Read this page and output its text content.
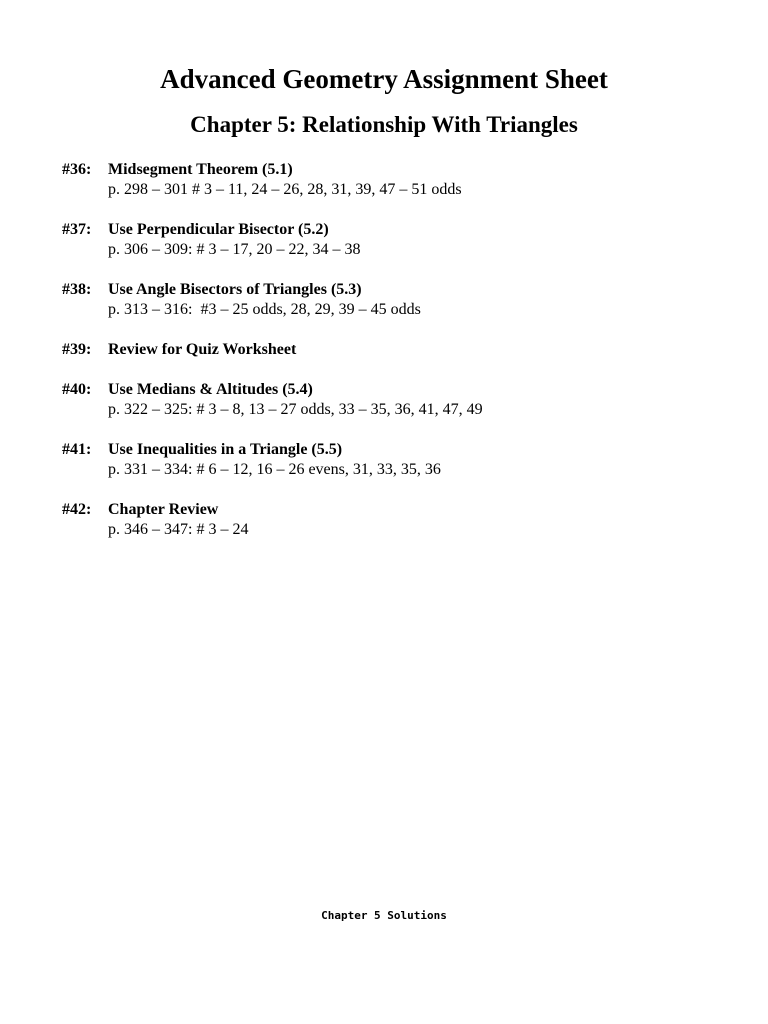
Advanced Geometry Assignment Sheet
Chapter 5: Relationship With Triangles
#36:	Midsegment Theorem (5.1)
p. 298 – 301 # 3 – 11, 24 – 26, 28, 31, 39, 47 – 51 odds
#37:	Use Perpendicular Bisector (5.2)
p. 306 – 309: # 3 – 17, 20 – 22, 34 – 38
#38:	Use Angle Bisectors of Triangles (5.3)
p. 313 – 316:  #3 – 25 odds, 28, 29, 39 – 45 odds
#39:	Review for Quiz Worksheet
#40:	Use Medians & Altitudes (5.4)
p. 322 – 325: # 3 – 8, 13 – 27 odds, 33 – 35, 36, 41, 47, 49
#41:	Use Inequalities in a Triangle (5.5)
p. 331 – 334: # 6 – 12, 16 – 26 evens, 31, 33, 35, 36
#42:	Chapter Review
p. 346 – 347: # 3 – 24
Chapter 5 Solutions
